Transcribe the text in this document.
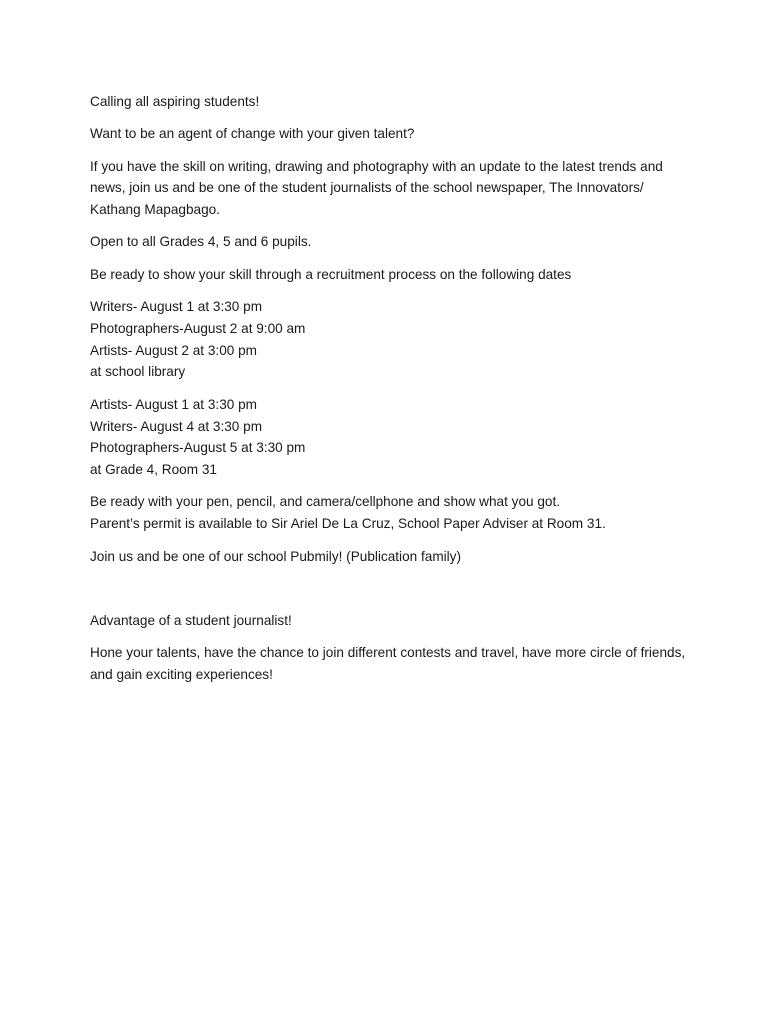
Calling all aspiring students!

Want to be an agent of change with your given talent?

If you have the skill on writing, drawing and photography with an update to the latest trends and news, join us and be one of the student journalists of the school newspaper, The Innovators/ Kathang Mapagbago.

Open to all Grades 4, 5 and 6 pupils.

Be ready to show your skill through a recruitment process on the following dates

Writers- August 1 at 3:30 pm
Photographers-August 2 at 9:00 am
Artists- August 2 at 3:00 pm
at school library

Artists- August 1 at 3:30 pm
Writers- August 4 at 3:30 pm
Photographers-August 5 at 3:30 pm
at Grade 4, Room 31

Be ready with your pen, pencil, and camera/cellphone and show what you got.
Parent’s permit is available to Sir Ariel De La Cruz, School Paper Adviser at Room 31.

Join us and be one of our school Pubmily! (Publication family)

Advantage of a student journalist!

Hone your talents, have the chance to join different contests and travel, have more circle of friends, and gain exciting experiences!
